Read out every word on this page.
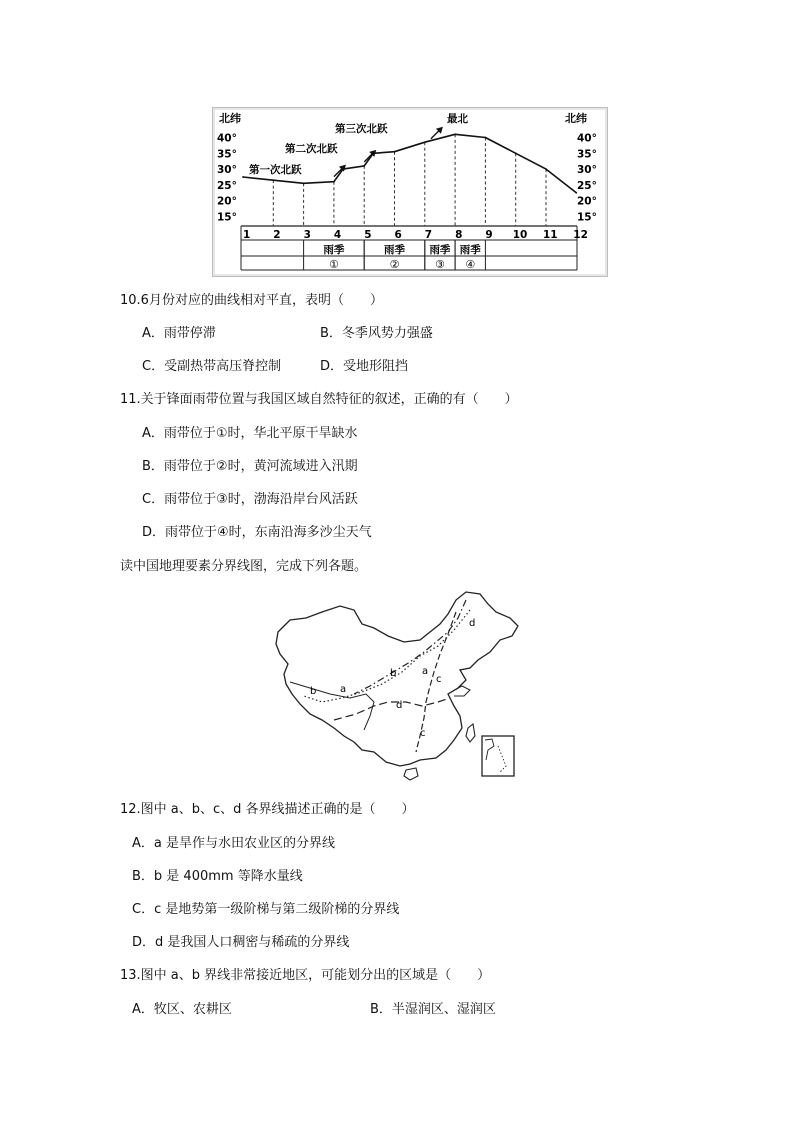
北纬	北纬
第一次北跃
第二次北跃
第三次北跃
最北
40°	40°
35°	35°
30°	30°
25°	25°
20°	20°
15°	15°
1 2 3 4 5 6 7 8 9 10 11 12
雨季
①
雨季
②
雨季
③
雨季
④
10.6月份对应的曲线相对平直，表明（　　）
A．雨带停滞	B．冬季风势力强盛
C．受副热带高压脊控制	D．受地形阻挡
11.关于锋面雨带位置与我国区域自然特征的叙述，正确的有（　　）
A．雨带位于①时，华北平原干旱缺水
B．雨带位于②时，黄河流域进入汛期
C．雨带位于③时，渤海沿岸台风活跃
D．雨带位于④时，东南沿海多沙尘天气
读中国地理要素分界线图，完成下列各题。
d
b
c
a
b a
d
c
12.图中 a、b、c、d 各界线描述正确的是（　　）
A．a 是旱作与水田农业区的分界线
B．b 是 400mm 等降水量线
C．c 是地势第一级阶梯与第二级阶梯的分界线
D．d 是我国人口稠密与稀疏的分界线
13.图中 a、b 界线非常接近地区，可能划分出的区域是（　　）
A．牧区、农耕区	B．半湿润区、湿润区
